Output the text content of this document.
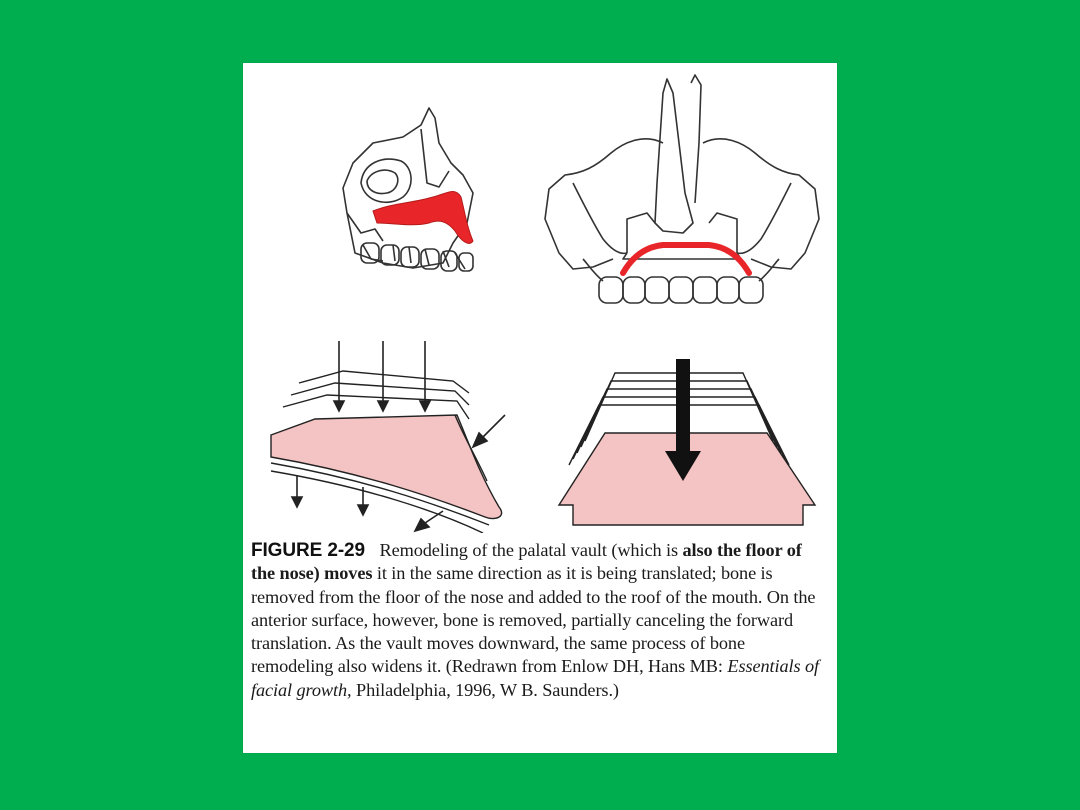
FIGURE 2-29 Remodeling of the palatal vault (which is also the floor of the nose) moves it in the same direction as it is being translated; bone is removed from the floor of the nose and added to the roof of the mouth. On the anterior surface, however, bone is removed, partially canceling the forward translation. As the vault moves downward, the same process of bone remodeling also widens it. (Redrawn from Enlow DH, Hans MB: Essentials of facial growth, Philadelphia, 1996, W B. Saunders.)
